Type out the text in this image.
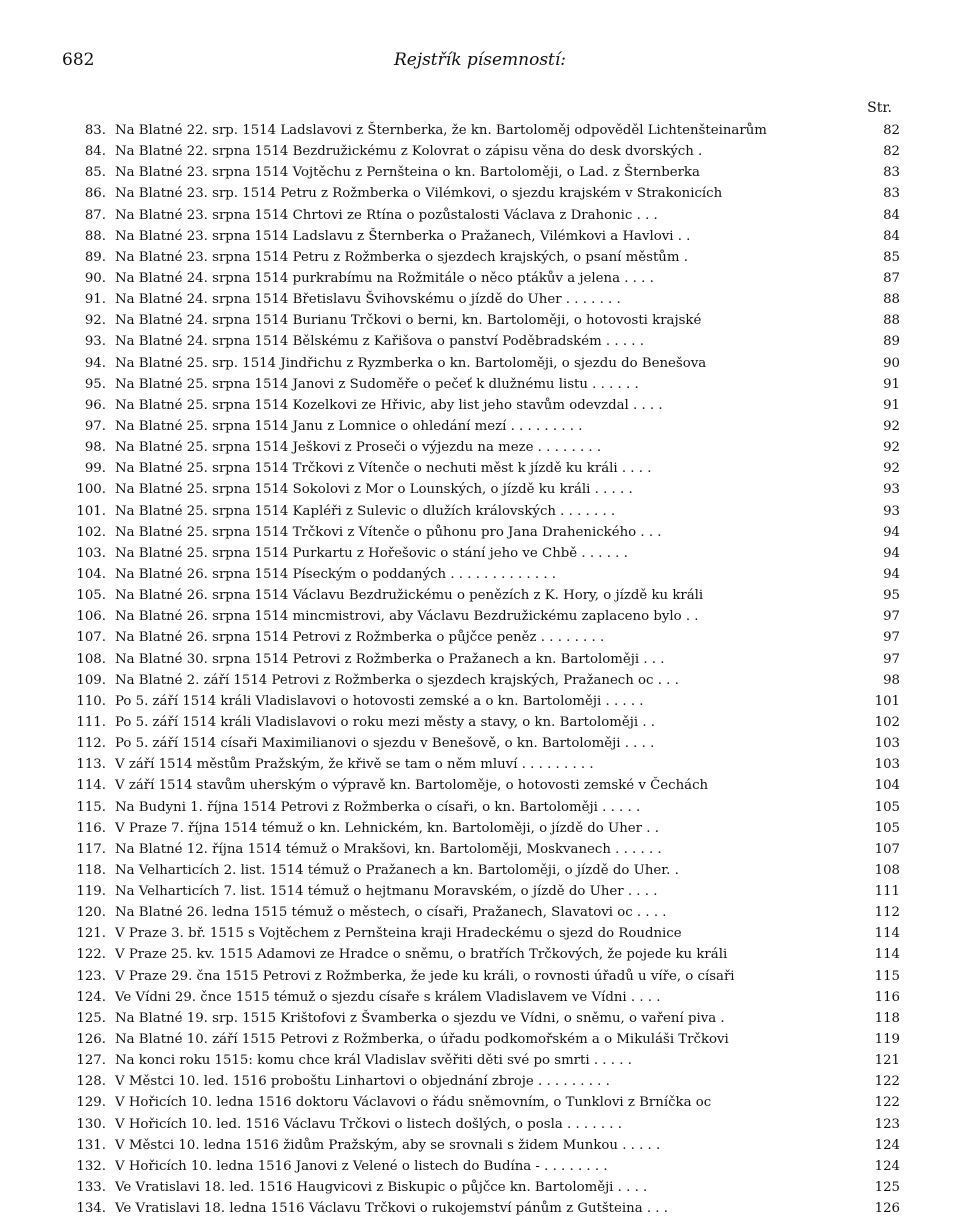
682	Rejstřík písemností:
Str.
83. Na Blatné 22. srp. 1514 Ladslavovi z Šternberka, že kn. Bartoloměj odpověděl Lichtenšteinarům	82
84. Na Blatné 22. srpna 1514 Bezdružickému z Kolovrat o zápisu věna do desk dvorských .	82
85. Na Blatné 23. srpna 1514 Vojtěchu z Pernšteina o kn. Bartoloměji, o Lad. z Šternberka	83
86. Na Blatné 23. srp. 1514 Petru z Rožmberka o Vilémkovi, o sjezdu krajském v Strakonicích	83
87. Na Blatné 23. srpna 1514 Chrtovi ze Rtína o pozůstalosti Václava z Drahonic . . .	84
88. Na Blatné 23. srpna 1514 Ladslavu z Šternberka o Pražanech, Vilémkovi a Havlovi . .	84
89. Na Blatné 23. srpna 1514 Petru z Rožmberka o sjezdech krajských, o psaní městům .	85
90. Na Blatné 24. srpna 1514 purkrabímu na Rožmitále o něco ptákův a jelena . . . .	87
91. Na Blatné 24. srpna 1514 Břetislavu Švihovskému o jízdě do Uher . . . . . . .	88
92. Na Blatné 24. srpna 1514 Burianu Trčkovi o berni, kn. Bartoloměji, o hotovosti krajské	88
93. Na Blatné 24. srpna 1514 Bělskému z Kařišova o panství Poděbradském . . . . .	89
94. Na Blatné 25. srp. 1514 Jindřichu z Ryzmberka o kn. Bartoloměji, o sjezdu do Benešova	90
95. Na Blatné 25. srpna 1514 Janovi z Sudoměře o pečeť k dlužnému listu . . . . . .	91
96. Na Blatné 25. srpna 1514 Kozelkovi ze Hřivic, aby list jeho stavům odevzdal . . . .	91
97. Na Blatné 25. srpna 1514 Janu z Lomnice o ohledání mezí . . . . . . . . .	92
98. Na Blatné 25. srpna 1514 Ješkovi z Proseči o výjezdu na meze . . . . . . . .	92
99. Na Blatné 25. srpna 1514 Trčkovi z Vítenče o nechuti měst k jízdě ku králi . . . .	92
100. Na Blatné 25. srpna 1514 Sokolovi z Mor o Lounských, o jízdě ku králi . . . . .	93
101. Na Blatné 25. srpna 1514 Kapléři z Sulevic o dlužích královských . . . . . . .	93
102. Na Blatné 25. srpna 1514 Trčkovi z Vítenče o půhonu pro Jana Drahenického . . .	94
103. Na Blatné 25. srpna 1514 Purkartu z Hořešovic o stání jeho ve Chbě . . . . . .	94
104. Na Blatné 26. srpna 1514 Píseckým o poddaných . . . . . . . . . . . . .	94
105. Na Blatné 26. srpna 1514 Václavu Bezdružickému o penězích z K. Hory, o jízdě ku králi	95
106. Na Blatné 26. srpna 1514 mincmistrovi, aby Václavu Bezdružickému zaplaceno bylo . .	97
107. Na Blatné 26. srpna 1514 Petrovi z Rožmberka o půjčce peněz . . . . . . . .	97
108. Na Blatné 30. srpna 1514 Petrovi z Rožmberka o Pražanech a kn. Bartoloměji . . .	97
109. Na Blatné 2. září 1514 Petrovi z Rožmberka o sjezdech krajských, Pražanech oc . . .	98
110. Po 5. září 1514 králi Vladislavovi o hotovosti zemské a o kn. Bartoloměji . . . . .	101
111. Po 5. září 1514 králi Vladislavovi o roku mezi městy a stavy, o kn. Bartoloměji . .	102
112. Po 5. září 1514 císaři Maximilianovi o sjezdu v Benešově, o kn. Bartoloměji . . . .	103
113. V září 1514 městům Pražským, že křivě se tam o něm mluví . . . . . . . . .	103
114. V září 1514 stavům uherským o výpravě kn. Bartoloměje, o hotovosti zemské v Čechách	104
115. Na Budyni 1. října 1514 Petrovi z Rožmberka o císaři, o kn. Bartoloměji . . . . .	105
116. V Praze 7. října 1514 témuž o kn. Lehnickém, kn. Bartoloměji, o jízdě do Uher . .	105
117. Na Blatné 12. října 1514 témuž o Mrakšovi, kn. Bartoloměji, Moskvanech . . . . . .	107
118. Na Velharticích 2. list. 1514 témuž o Pražanech a kn. Bartoloměji, o jízdě do Uher. .	108
119. Na Velharticích 7. list. 1514 témuž o hejtmanu Moravském, o jízdě do Uher . . . .	111
120. Na Blatné 26. ledna 1515 témuž o městech, o císaři, Pražanech, Slavatovi oc . . . .	112
121. V Praze 3. bř. 1515 s Vojtěchem z Pernšteina kraji Hradeckému o sjezd do Roudnice	114
122. V Praze 25. kv. 1515 Adamovi ze Hradce o sněmu, o bratřích Trčkových, že pojede ku králi	114
123. V Praze 29. čna 1515 Petrovi z Rožmberka, že jede ku králi, o rovnosti úřadů u víře, o císaři	115
124. Ve Vídni 29. čnce 1515 témuž o sjezdu císaře s králem Vladislavem ve Vídni . . . .	116
125. Na Blatné 19. srp. 1515 Krištofovi z Švamberka o sjezdu ve Vídni, o sněmu, o vaření piva .	118
126. Na Blatné 10. září 1515 Petrovi z Rožmberka, o úřadu podkomořském a o Mikuláši Trčkovi	119
127. Na konci roku 1515: komu chce král Vladislav svěřiti děti své po smrti . . . . .	121
128. V Městci 10. led. 1516 proboštu Linhartovi o objednání zbroje . . . . . . . . .	122
129. V Hořicích 10. ledna 1516 doktoru Václavovi o řádu sněmovním, o Tunklovi z Brníčka oc	122
130. V Hořicích 10. led. 1516 Václavu Trčkovi o listech došlých, o posla . . . . . . .	123
131. V Městci 10. ledna 1516 židům Pražským, aby se srovnali s židem Munkou . . . . .	124
132. V Hořicích 10. ledna 1516 Janovi z Velené o listech do Budína - . . . . . . . .	124
133. Ve Vratislavi 18. led. 1516 Haugvicovi z Biskupic o půjčce kn. Bartoloměji . . . .	125
134. Ve Vratislavi 18. ledna 1516 Václavu Trčkovi o rukojemství pánům z Gutšteina . . .	126
